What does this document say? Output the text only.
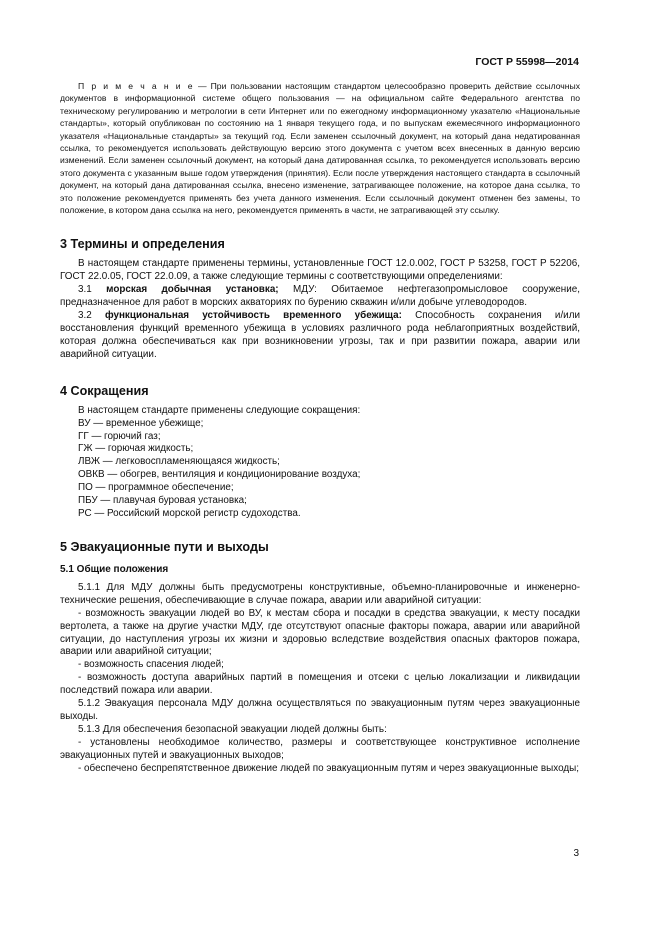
ГОСТ Р 55998—2014

П р и м е ч а н и е — При пользовании настоящим стандартом целесообразно проверить действие ссылочных документов в информационной системе общего пользования — на официальном сайте Федерального агентства по техническому регулированию и метрологии в сети Интернет или по ежегодному информационному указателю «Национальные стандарты», который опубликован по состоянию на 1 января текущего года, и по выпускам ежемесячного информационного указателя «Национальные стандарты» за текущий год. Если заменен ссылочный документ, на который дана недатированная ссылка, то рекомендуется использовать действующую версию этого документа с учетом всех внесенных в данную версию изменений. Если заменен ссылочный документ, на который дана датированная ссылка, то рекомендуется использовать версию этого документа с указанным выше годом утверждения (принятия). Если после утверждения настоящего стандарта в ссылочный документ, на который дана датированная ссылка, внесено изменение, затрагивающее положение, на которое дана ссылка, то это положение рекомендуется применять без учета данного изменения. Если ссылочный документ отменен без замены, то положение, в котором дана ссылка на него, рекомендуется применять в части, не затрагивающей эту ссылку.

3 Термины и определения

В настоящем стандарте применены термины, установленные ГОСТ 12.0.002, ГОСТ Р 53258, ГОСТ Р 52206, ГОСТ 22.0.05, ГОСТ 22.0.09, а также следующие термины с соответствующими определениями:

3.1 морская добычная установка; МДУ: Обитаемое нефтегазопромысловое сооружение, предназначенное для работ в морских акваториях по бурению скважин и/или добыче углеводородов.

3.2 функциональная устойчивость временного убежища: Способность сохранения и/или восстановления функций временного убежища в условиях различного рода неблагоприятных воздействий, которая должна обеспечиваться как при возникновении угрозы, так и при развитии пожара, аварии или аварийной ситуации.

4 Сокращения

В настоящем стандарте применены следующие сокращения:

ВУ — временное убежище;

ГГ — горючий газ;

ГЖ — горючая жидкость;

ЛВЖ — легковоспламеняющаяся жидкость;

ОВКВ — обогрев, вентиляция и кондиционирование воздуха;

ПО — программное обеспечение;

ПБУ — плавучая буровая установка;

РС — Российский морской регистр судоходства.

5 Эвакуационные пути и выходы
5.1 Общие положения

5.1.1 Для МДУ должны быть предусмотрены конструктивные, объемно-планировочные и инженерно-технические решения, обеспечивающие в случае пожара, аварии или аварийной ситуации:

- возможность эвакуации людей во ВУ, к местам сбора и посадки в средства эвакуации, к месту посадки вертолета, а также на другие участки МДУ, где отсутствуют опасные факторы пожара, аварии или аварийной ситуации, до наступления угрозы их жизни и здоровью вследствие воздействия опасных факторов пожара, аварии или аварийной ситуации;

- возможность спасения людей;

- возможность доступа аварийных партий в помещения и отсеки с целью локализации и ликвидации последствий пожара или аварии.

5.1.2 Эвакуация персонала МДУ должна осуществляться по эвакуационным путям через эвакуационные выходы.

5.1.3 Для обеспечения безопасной эвакуации людей должны быть:

- установлены необходимое количество, размеры и соответствующее конструктивное исполнение эвакуационных путей и эвакуационных выходов;

- обеспечено беспрепятственное движение людей по эвакуационным путям и через эвакуационные выходы;

3
